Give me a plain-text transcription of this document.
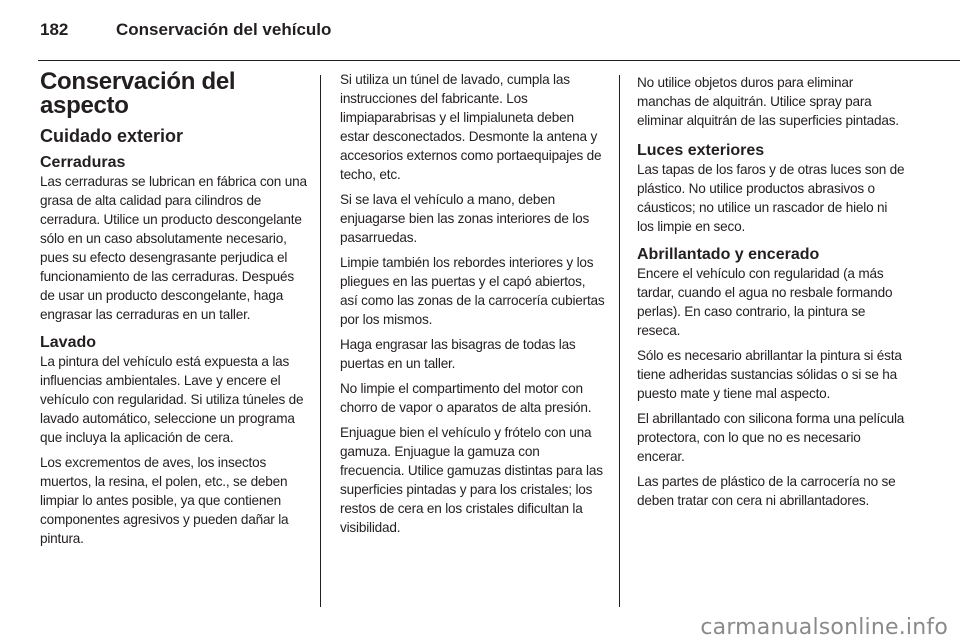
182	Conservación del vehículo
Conservación del aspecto
Cuidado exterior
Cerraduras

Las cerraduras se lubrican en fábrica con una grasa de alta calidad para cilindros de cerradura. Utilice un producto descongelante sólo en un caso absolutamente necesario, pues su efecto desengrasante perjudica el funcionamiento de las cerraduras. Después de usar un producto descongelante, haga engrasar las cerraduras en un taller.

Lavado

La pintura del vehículo está expuesta a las influencias ambientales. Lave y encere el vehículo con regularidad. Si utiliza túneles de lavado automático, seleccione un programa que incluya la aplicación de cera.

Los excrementos de aves, los insectos muertos, la resina, el polen, etc., se deben limpiar lo antes posible, ya que contienen componentes agresivos y pueden dañar la pintura.

Si utiliza un túnel de lavado, cumpla las instrucciones del fabricante. Los limpiaparabrisas y el limpialuneta deben estar desconectados. Desmonte la antena y accesorios externos como portaequipajes de techo, etc.

Si se lava el vehículo a mano, deben enjuagarse bien las zonas interiores de los pasarruedas.

Limpie también los rebordes interiores y los pliegues en las puertas y el capó abiertos, así como las zonas de la carrocería cubiertas por los mismos.

Haga engrasar las bisagras de todas las puertas en un taller.

No limpie el compartimento del motor con chorro de vapor o aparatos de alta presión.

Enjuague bien el vehículo y frótelo con una gamuza. Enjuague la gamuza con frecuencia. Utilice gamuzas distintas para las superficies pintadas y para los cristales; los restos de cera en los cristales dificultan la visibilidad.

No utilice objetos duros para eliminar manchas de alquitrán. Utilice spray para eliminar alquitrán de las superficies pintadas.

Luces exteriores

Las tapas de los faros y de otras luces son de plástico. No utilice productos abrasivos o cáusticos; no utilice un rascador de hielo ni los limpie en seco.

Abrillantado y encerado

Encere el vehículo con regularidad (a más tardar, cuando el agua no resbale formando perlas). En caso contrario, la pintura se reseca.

Sólo es necesario abrillantar la pintura si ésta tiene adheridas sustancias sólidas o si se ha puesto mate y tiene mal aspecto.

El abrillantado con silicona forma una película protectora, con lo que no es necesario encerar.

Las partes de plástico de la carrocería no se deben tratar con cera ni abrillantadores.

carmanualsonline.info
